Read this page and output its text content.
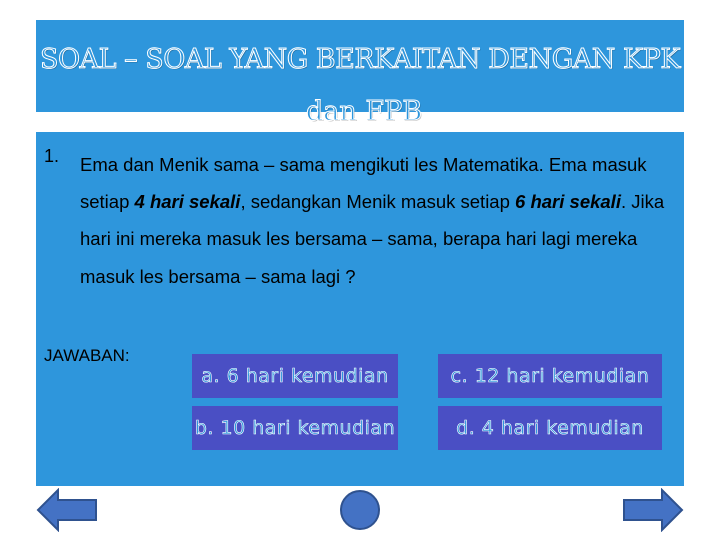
SOAL – SOAL YANG BERKAITAN DENGAN KPK
dan FPB
1. Ema dan Menik sama – sama mengikuti les Matematika. Ema masuk setiap 4 hari sekali, sedangkan Menik masuk setiap 6 hari sekali. Jika hari ini mereka masuk les bersama – sama, berapa hari lagi mereka masuk les bersama – sama lagi ?
JAWABAN:
a. 6 hari kemudian	c. 12 hari kemudian
b. 10 hari kemudian	d. 4 hari kemudian
